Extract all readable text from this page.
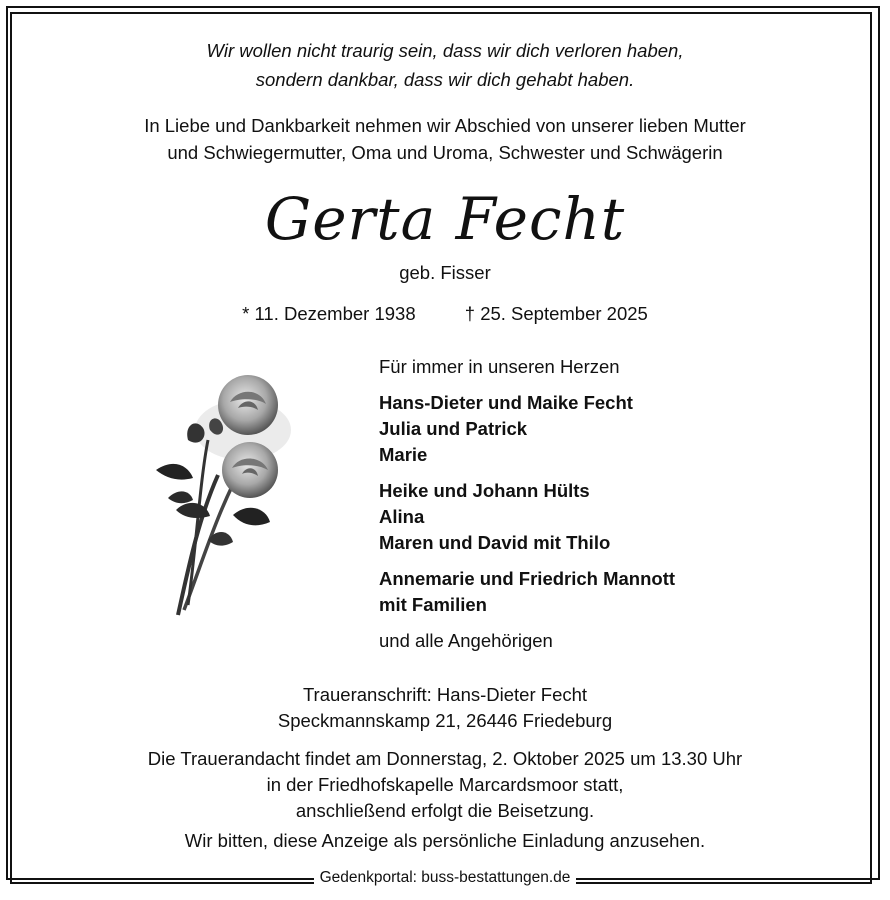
Wir wollen nicht traurig sein, dass wir dich verloren haben,
sondern dankbar, dass wir dich gehabt haben.
In Liebe und Dankbarkeit nehmen wir Abschied von unserer lieben Mutter
und Schwiegermutter, Oma und Uroma, Schwester und Schwägerin
Gerta Fecht
geb. Fisser
* 11. Dezember 1938	† 25. September 2025
Für immer in unseren Herzen
Hans-Dieter und Maike Fecht
Julia und Patrick
Marie
Heike und Johann Hülts
Alina
Maren und David mit Thilo
Annemarie und Friedrich Mannott
mit Familien
und alle Angehörigen
Traueranschrift: Hans-Dieter Fecht
Speckmannskamp 21, 26446 Friedeburg
Die Trauerandacht findet am Donnerstag, 2. Oktober 2025 um 13.30 Uhr
in der Friedhofskapelle Marcardsmoor statt,
anschließend erfolgt die Beisetzung.
Wir bitten, diese Anzeige als persönliche Einladung anzusehen.
Gedenkportal: buss-bestattungen.de
